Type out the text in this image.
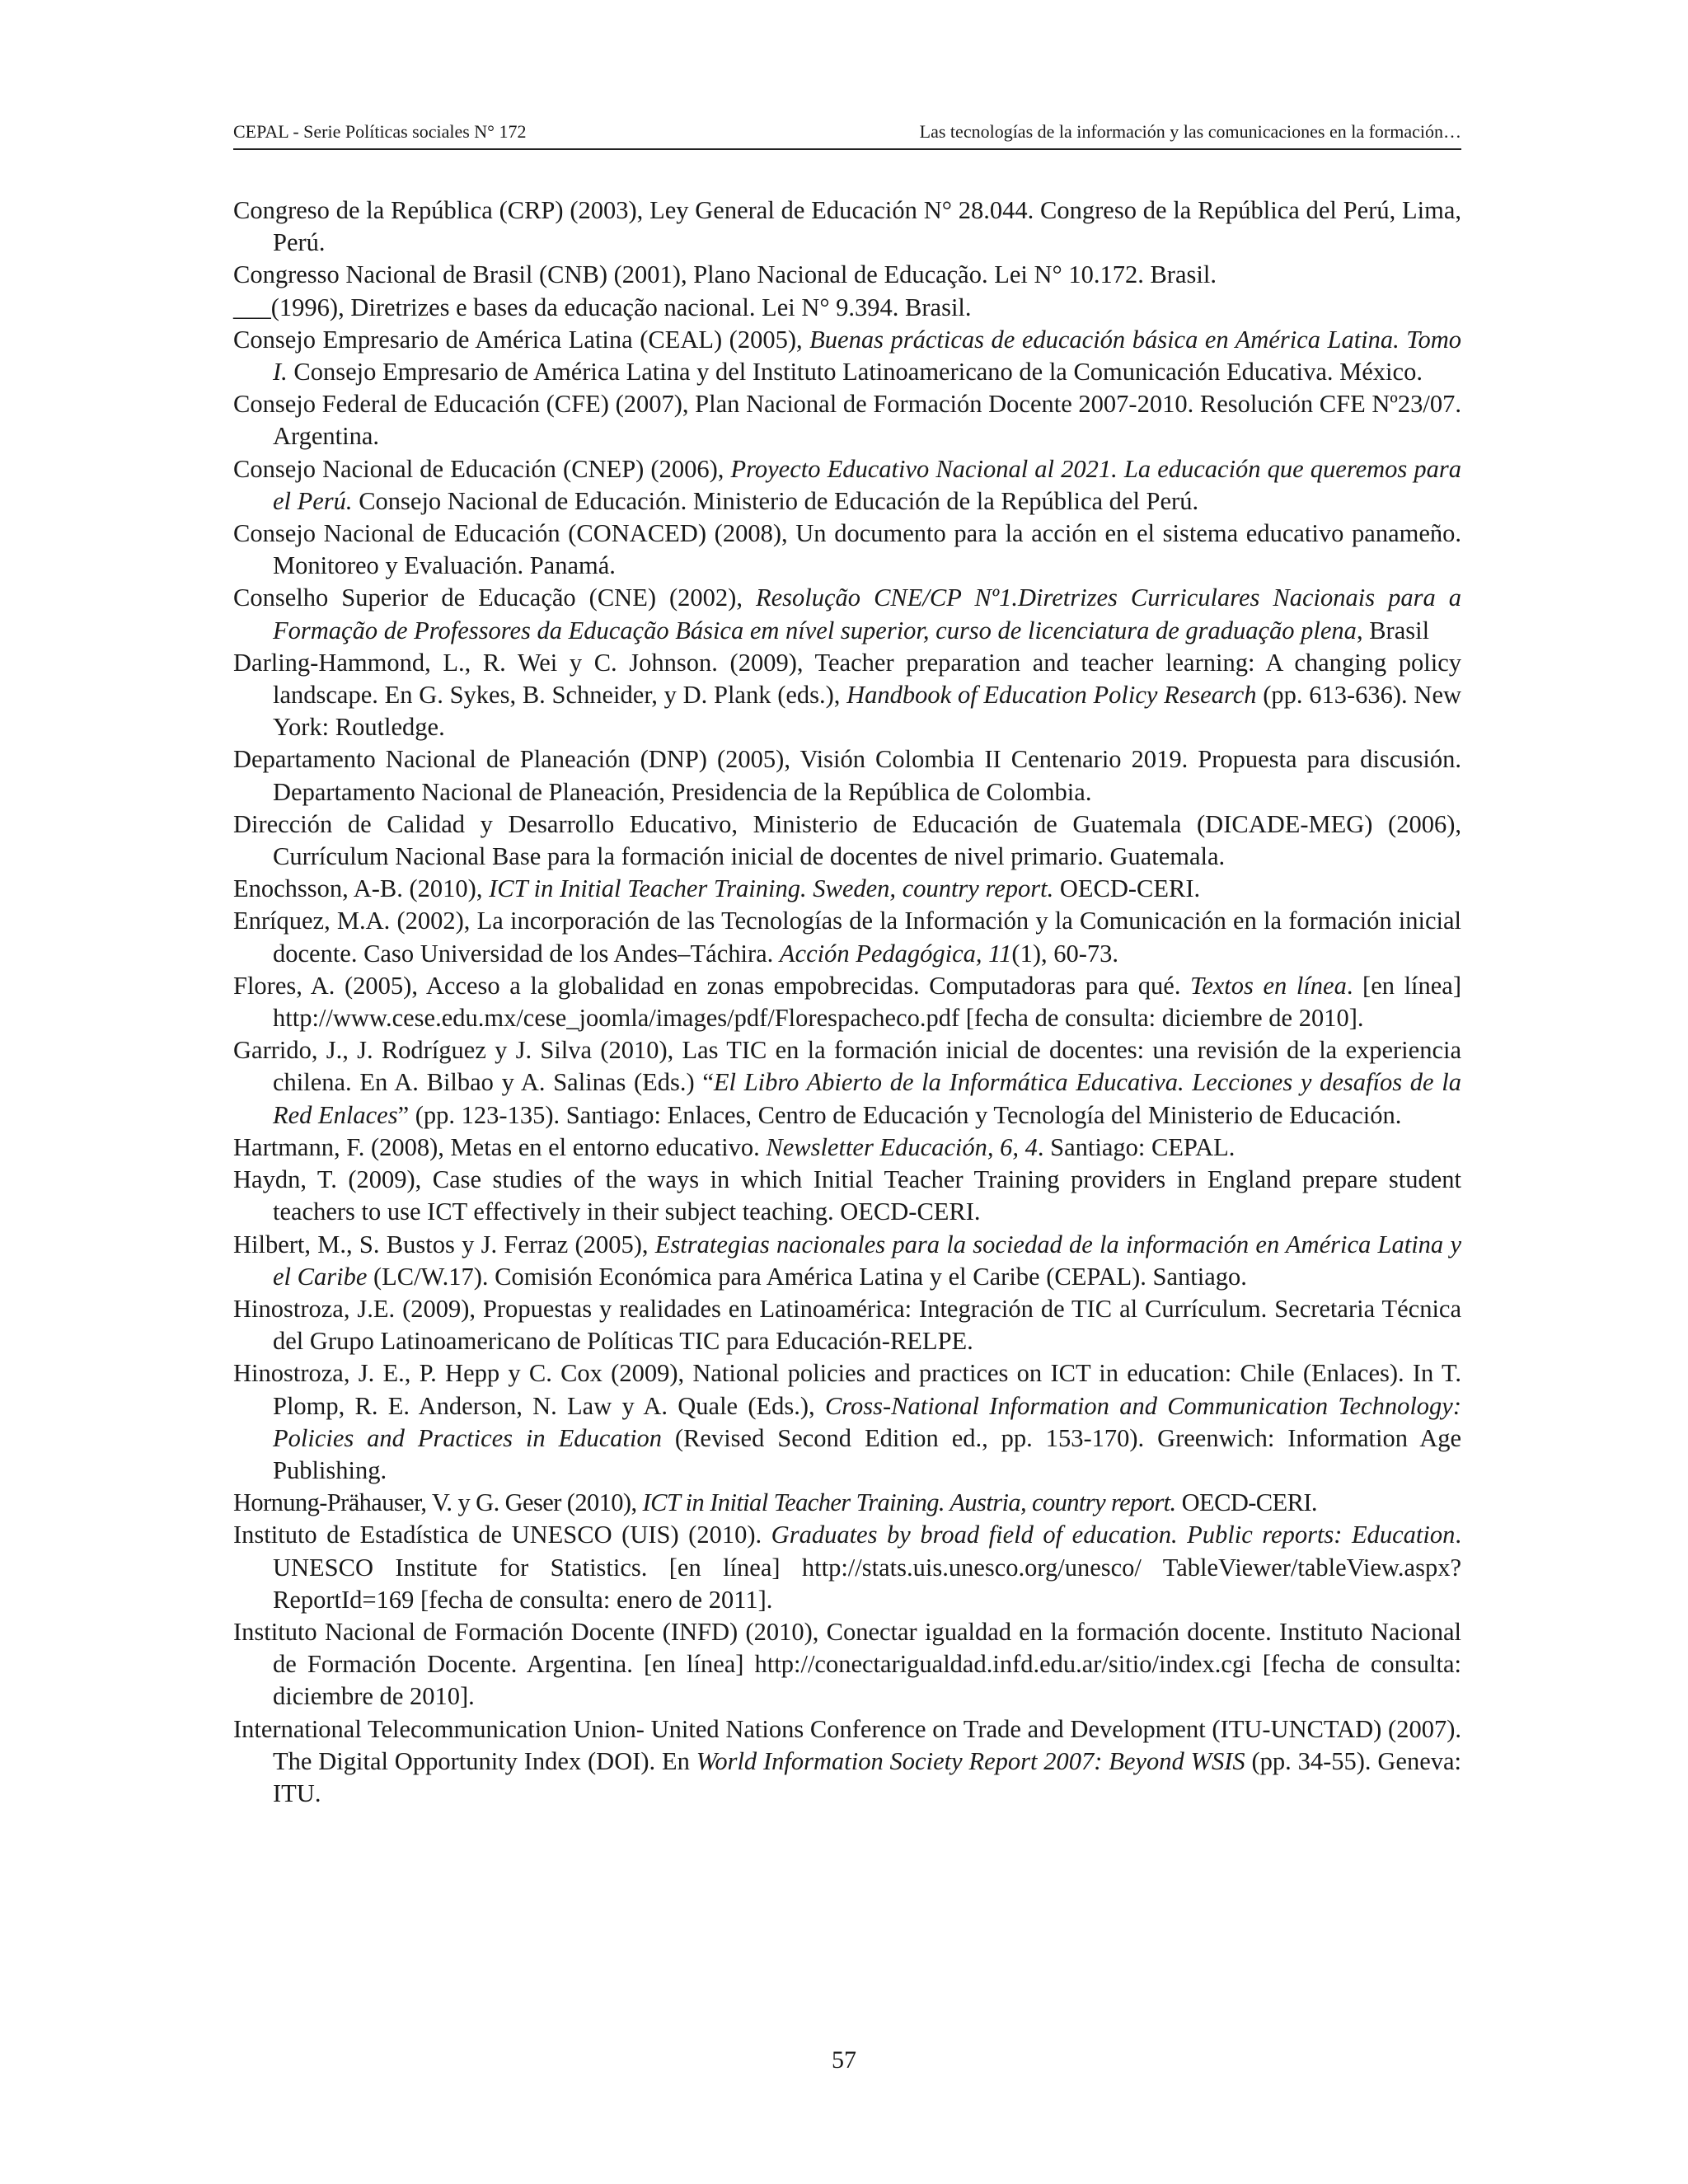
CEPAL - Serie Políticas sociales N° 172	Las tecnologías de la información y las comunicaciones en la formación…

Congreso de la República (CRP) (2003), Ley General de Educación N° 28.044. Congreso de la República del Perú, Lima, Perú.

Congresso Nacional de Brasil (CNB) (2001), Plano Nacional de Educação. Lei N° 10.172. Brasil.

___(1996), Diretrizes e bases da educação nacional. Lei N° 9.394. Brasil.

Consejo Empresario de América Latina (CEAL) (2005), Buenas prácticas de educación básica en América Latina. Tomo I. Consejo Empresario de América Latina y del Instituto Latinoamericano de la Comunicación Educativa. México.

Consejo Federal de Educación (CFE) (2007), Plan Nacional de Formación Docente 2007-2010. Resolución CFE Nº23/07. Argentina.

Consejo Nacional de Educación (CNEP) (2006), Proyecto Educativo Nacional al 2021. La educación que queremos para el Perú. Consejo Nacional de Educación. Ministerio de Educación de la República del Perú.

Consejo Nacional de Educación (CONACED) (2008), Un documento para la acción en el sistema educativo panameño. Monitoreo y Evaluación. Panamá.

Conselho Superior de Educação (CNE) (2002), Resolução CNE/CP Nº1.Diretrizes Curriculares Nacionais para a Formação de Professores da Educação Básica em nível superior, curso de licenciatura de graduação plena, Brasil

Darling-Hammond, L., R. Wei y C. Johnson. (2009), Teacher preparation and teacher learning: A changing policy landscape. En G. Sykes, B. Schneider, y D. Plank (eds.), Handbook of Education Policy Research (pp. 613-636). New York: Routledge.

Departamento Nacional de Planeación (DNP) (2005), Visión Colombia II Centenario 2019. Propuesta para discusión. Departamento Nacional de Planeación, Presidencia de la República de Colombia.

Dirección de Calidad y Desarrollo Educativo, Ministerio de Educación de Guatemala (DICADE-MEG) (2006), Currículum Nacional Base para la formación inicial de docentes de nivel primario. Guatemala.

Enochsson, A-B. (2010), ICT in Initial Teacher Training. Sweden, country report. OECD-CERI.

Enríquez, M.A. (2002), La incorporación de las Tecnologías de la Información y la Comunicación en la formación inicial docente. Caso Universidad de los Andes–Táchira. Acción Pedagógica, 11(1), 60-73.

Flores, A. (2005), Acceso a la globalidad en zonas empobrecidas. Computadoras para qué. Textos en línea. [en línea] http://www.cese.edu.mx/cese_joomla/images/pdf/Florespacheco.pdf [fecha de consulta: diciembre de 2010].

Garrido, J., J. Rodríguez y J. Silva (2010), Las TIC en la formación inicial de docentes: una revisión de la experiencia chilena. En A. Bilbao y A. Salinas (Eds.) “El Libro Abierto de la Informática Educativa. Lecciones y desafíos de la Red Enlaces” (pp. 123-135). Santiago: Enlaces, Centro de Educación y Tecnología del Ministerio de Educación.

Hartmann, F. (2008), Metas en el entorno educativo. Newsletter Educación, 6, 4. Santiago: CEPAL.

Haydn, T. (2009), Case studies of the ways in which Initial Teacher Training providers in England prepare student teachers to use ICT effectively in their subject teaching. OECD-CERI.

Hilbert, M., S. Bustos y J. Ferraz (2005), Estrategias nacionales para la sociedad de la información en América Latina y el Caribe (LC/W.17). Comisión Económica para América Latina y el Caribe (CEPAL). Santiago.

Hinostroza, J.E. (2009), Propuestas y realidades en Latinoamérica: Integración de TIC al Currículum. Secretaria Técnica del Grupo Latinoamericano de Políticas TIC para Educación-RELPE.

Hinostroza, J. E., P. Hepp y C. Cox (2009), National policies and practices on ICT in education: Chile (Enlaces). In T. Plomp, R. E. Anderson, N. Law y A. Quale (Eds.), Cross-National Information and Communication Technology: Policies and Practices in Education (Revised Second Edition ed., pp. 153-170). Greenwich: Information Age Publishing.

Hornung-Prähauser, V. y G. Geser (2010), ICT in Initial Teacher Training. Austria, country report. OECD-CERI.

Instituto de Estadística de UNESCO (UIS) (2010). Graduates by broad field of education. Public reports: Education. UNESCO Institute for Statistics. [en línea] http://stats.uis.unesco.org/unesco/ TableViewer/tableView.aspx?ReportId=169 [fecha de consulta: enero de 2011].

Instituto Nacional de Formación Docente (INFD) (2010), Conectar igualdad en la formación docente. Instituto Nacional de Formación Docente. Argentina. [en línea] http://conectarigualdad.infd.edu.ar/sitio/index.cgi [fecha de consulta: diciembre de 2010].

International Telecommunication Union- United Nations Conference on Trade and Development (ITU-UNCTAD) (2007). The Digital Opportunity Index (DOI). En World Information Society Report 2007: Beyond WSIS (pp. 34-55). Geneva: ITU.

57
